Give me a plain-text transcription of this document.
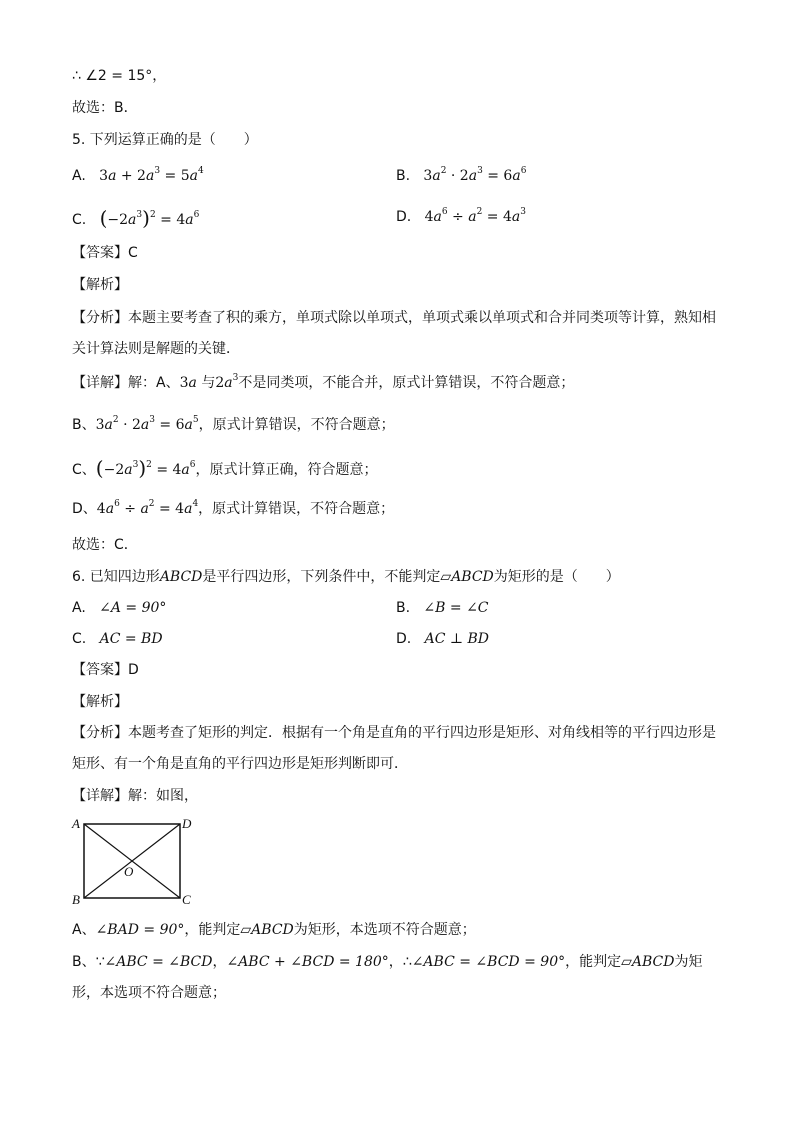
∴ ∠2 = 15°，
故选：B．
5. 下列运算正确的是（　　）
A. $3a + 2a^3 = 5a^4$	B. $3a^2 \cdot 2a^3 = 6a^6$
C. $(-2a^3)^2 = 4a^6$	D. $4a^6 \div a^2 = 4a^3$
【答案】C
【解析】
【分析】本题主要考查了积的乘方，单项式除以单项式，单项式乘以单项式和合并同类项等计算，熟知相
关计算法则是解题的关键．
【详解】解：A、3a 与$2a^3$不是同类项，不能合并，原式计算错误，不符合题意；
B、$3a^2 \cdot 2a^3 = 6a^5$，原式计算错误，不符合题意；
C、$(-2a^3)^2 = 4a^6$，原式计算正确，符合题意；
D、$4a^6 \div a^2 = 4a^4$，原式计算错误，不符合题意；
故选：C．
6. 已知四边形ABCD是平行四边形，下列条件中，不能判定▱ABCD为矩形的是（　　）
A. ∠A = 90°	B. ∠B = ∠C
C. AC = BD	D. AC ⊥ BD
【答案】D
【解析】
【分析】本题考查了矩形的判定．根据有一个角是直角的平行四边形是矩形、对角线相等的平行四边形是
矩形、有一个角是直角的平行四边形是矩形判断即可．
【详解】解：如图，
A	D
B	C
O
A、∠BAD = 90°，能判定▱ABCD为矩形，本选项不符合题意；
B、∵∠ABC = ∠BCD，∠ABC + ∠BCD = 180°，∴∠ABC = ∠BCD = 90°，能判定▱ABCD为矩
形，本选项不符合题意；
